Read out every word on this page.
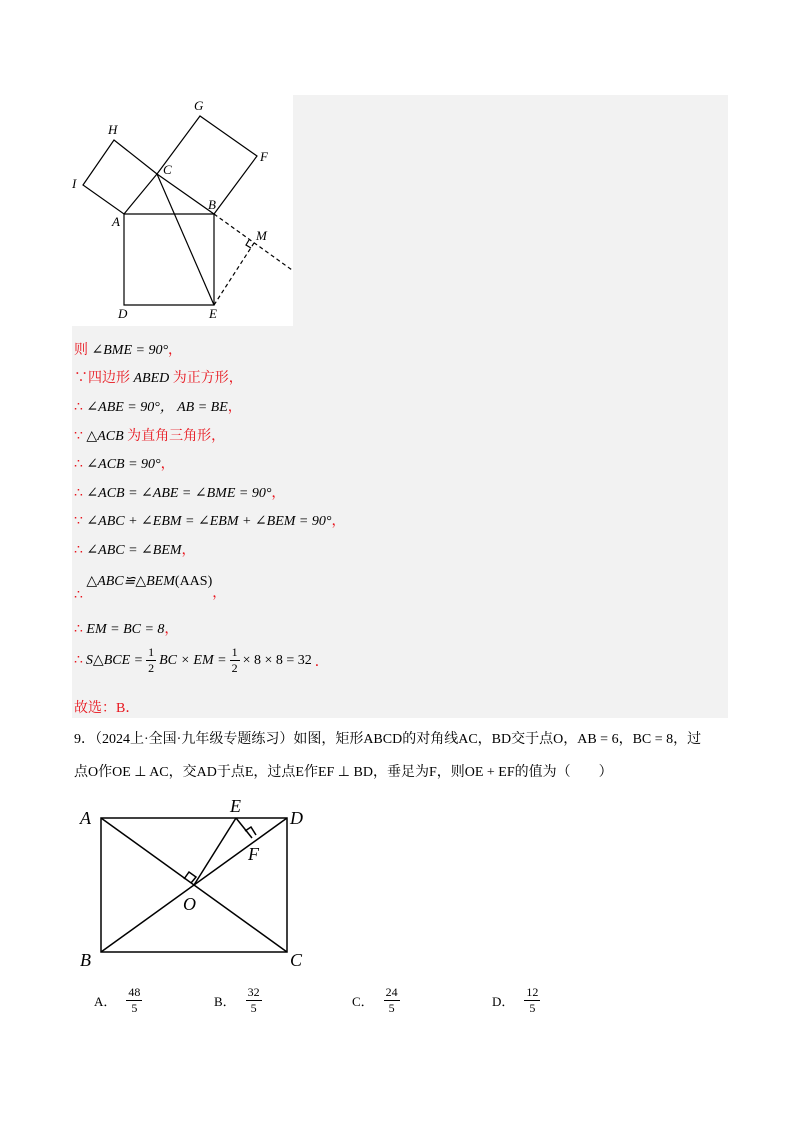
H
G
F
I
C
A
B
M
D	E
则 ∠BME = 90°，
∵四边形 ABED 为正方形，
∴ ∠ABE = 90°， AB = BE，
∵ △ACB 为直角三角形，
∴ ∠ACB = 90°，
∴ ∠ACB = ∠ABE = ∠BME = 90°，
∵ ∠ABC + ∠EBM = ∠EBM + ∠BEM = 90°，
∴ ∠ABC = ∠BEM，
∴ △ABC≌△BEM(AAS)，
∴ EM = BC = 8，
∴ S△BCE = $\frac{1}{2}$ BC × EM = $\frac{1}{2} \times 8 \times 8 = 32$ ．
故选：B．
9．（2024上·全国·九年级专题练习）如图，矩形ABCD的对角线AC，BD交于点O，AB = 6，BC = 8，过
点O作OE ⊥ AC，交AD于点E，过点E作EF ⊥ BD，垂足为F，则OE + EF的值为（　　）
A
E
D
F
O
B	C
A． $\frac{48}{5}$	B． $\frac{32}{5}$	C． $\frac{24}{5}$	D． $\frac{12}{5}$
